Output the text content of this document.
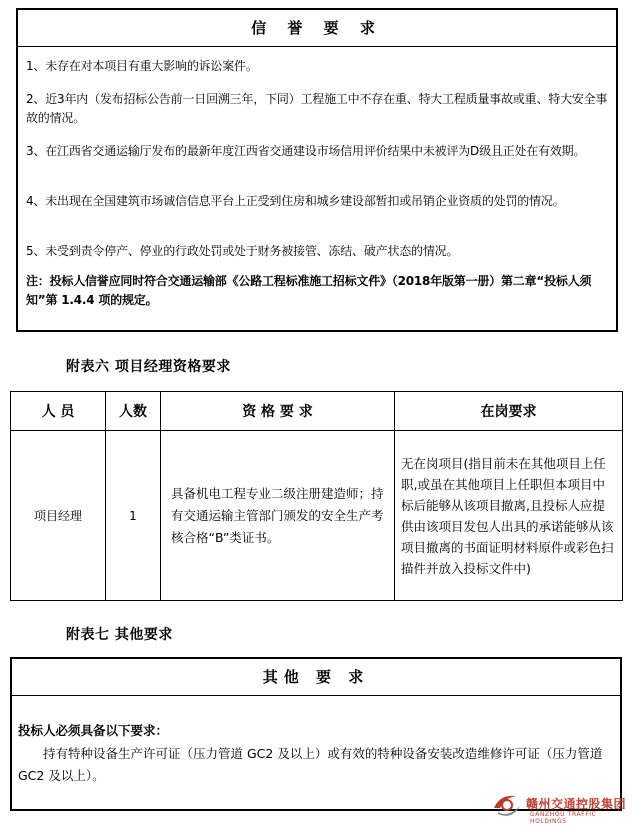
信 誉 要 求
1、未存在对本项目有重大影响的诉讼案件。
2、近3年内（发布招标公告前一日回溯三年，下同）工程施工中不存在重、特大工程质量事故或重、特大安全事故的情况。
3、在江西省交通运输厅发布的最新年度江西省交通建设市场信用评价结果中未被评为D级且正处在有效期。
4、未出现在全国建筑市场诚信信息平台上正受到住房和城乡建设部暂扣或吊销企业资质的处罚的情况。
5、未受到责令停产、停业的行政处罚或处于财务被接管、冻结、破产状态的情况。
注：投标人信誉应同时符合交通运输部《公路工程标准施工招标文件》（2018年版第一册）第二章“投标人须知”第 1.4.4 项的规定。
附表六 项目经理资格要求
人 员	人数	资 格 要 求	在岗要求
项目经理	1	具备机电工程专业二级注册建造师；持有交通运输主管部门颁发的安全生产考核合格“B”类证书。	无在岗项目(指目前未在其他项目上任职,或虽在其他项目上任职但本项目中标后能够从该项目撤离,且投标人应提供由该项目发包人出具的承诺能够从该项目撤离的书面证明材料原件或彩色扫描件并放入投标文件中)
附表七 其他要求
其他 要 求
投标人必须具备以下要求：
持有特种设备生产许可证（压力管道 GC2 及以上）或有效的特种设备安装改造维修许可证（压力管道 GC2 及以上）。
赣州交通控股集团
GANZHOU TRAFFIC HOLDINGS
